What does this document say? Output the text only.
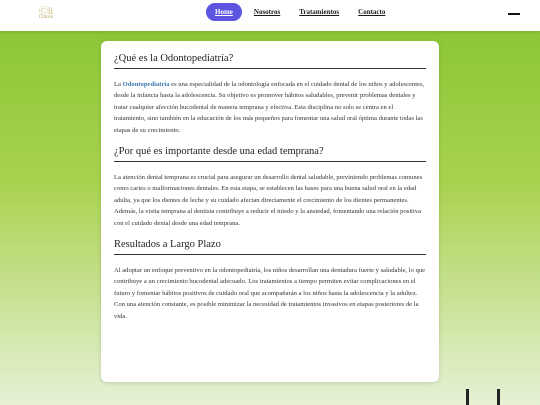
Ⓒli
Clínica
Home	Nosotros	Tratamientos	Contacto
¿Qué es la Odontopediatría?

La Odontopediatría es una especialidad de la odontología enfocada en el cuidado dental de los niños y adolescentes, desde la infancia hasta la adolescencia. Su objetivo es promover hábitos saludables, prevenir problemas dentales y tratar cualquier afección bucodental de manera temprana y efectiva. Esta disciplina no solo se centra en el tratamiento, sino también en la educación de los más pequeños para fomentar una salud oral óptima durante todas las etapas de su crecimiento.

¿Por qué es importante desde una edad temprana?

La atención dental temprana es crucial para asegurar un desarrollo dental saludable, previniendo problemas comunes como caries o malformaciones dentales. En esta etapa, se establecen las bases para una buena salud oral en la edad adulta, ya que los dientes de leche y su cuidado afectan directamente el crecimiento de los dientes permanentes. Además, la visita temprana al dentista contribuye a reducir el miedo y la ansiedad, fomentando una relación positiva con el cuidado dental desde una edad temprana.

Resultados a Largo Plazo

Al adoptar un enfoque preventivo en la odontopediatría, los niños desarrollan una dentadura fuerte y saludable, lo que contribuye a un crecimiento bucodental adecuado. Los tratamientos a tiempo permiten evitar complicaciones en el futuro y fomentar hábitos positivos de cuidado oral que acompañarán a los niños hasta la adolescencia y la adultez. Con una atención constante, es posible minimizar la necesidad de tratamientos invasivos en etapas posteriores de la vida.
